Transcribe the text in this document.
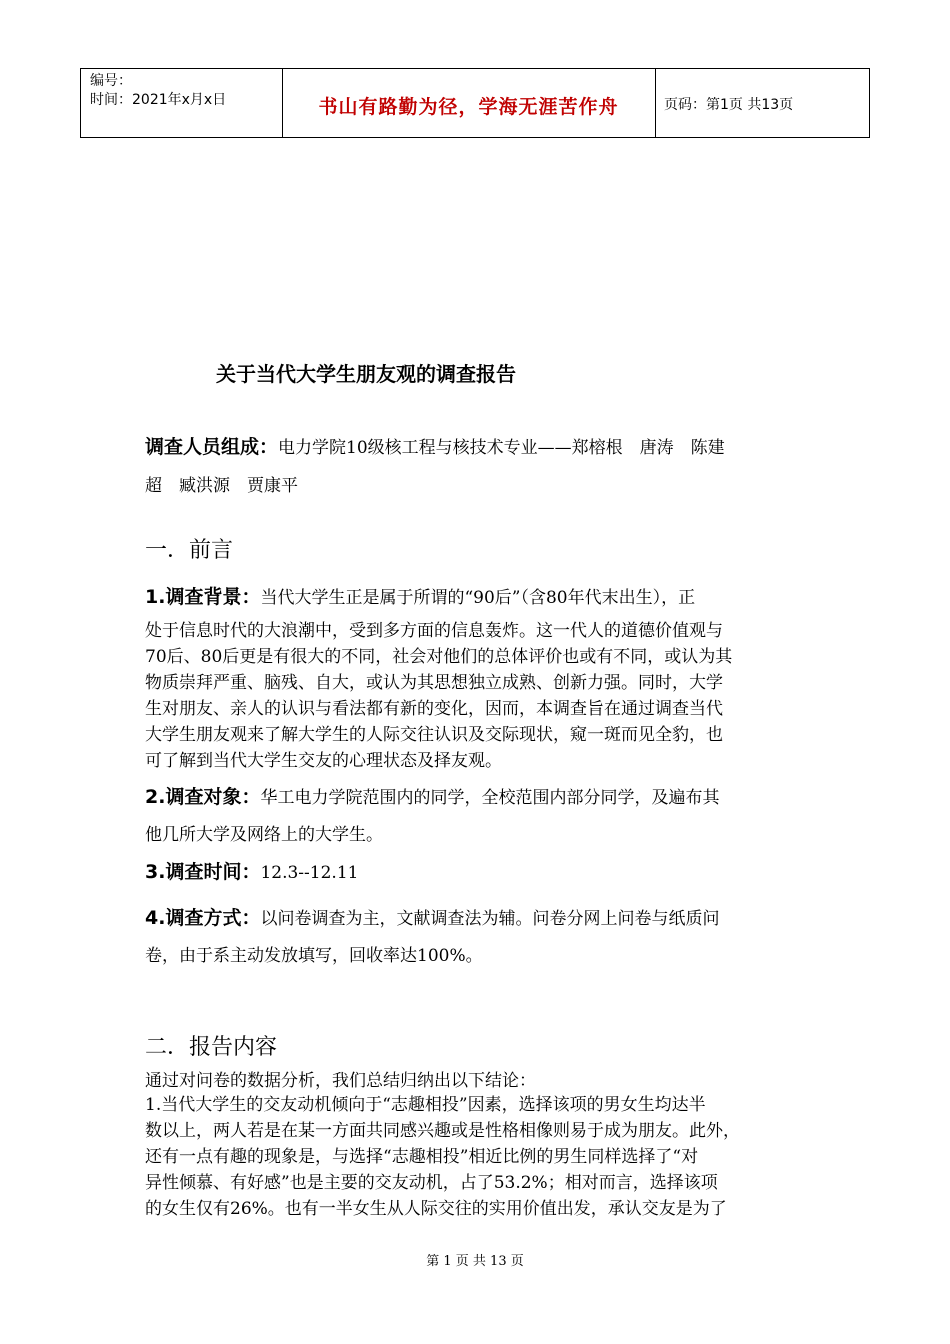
编号：
时间：2021年x月x日	书山有路勤为径，学海无涯苦作舟	页码：第1页 共13页
关于当代大学生朋友观的调查报告
调查人员组成：电力学院10级核工程与核技术专业——郑榕根　唐涛　陈建
超　臧洪源　贾康平
一．前言
1.调查背景：当代大学生正是属于所谓的“90后”（含80年代末出生），正
处于信息时代的大浪潮中，受到多方面的信息轰炸。这一代人的道德价值观与
70后、80后更是有很大的不同，社会对他们的总体评价也或有不同，或认为其
物质崇拜严重、脑残、自大，或认为其思想独立成熟、创新力强。同时，大学
生对朋友、亲人的认识与看法都有新的变化，因而，本调查旨在通过调查当代
大学生朋友观来了解大学生的人际交往认识及交际现状，窥一斑而见全豹，也
可了解到当代大学生交友的心理状态及择友观。
2.调查对象：华工电力学院范围内的同学，全校范围内部分同学，及遍布其
他几所大学及网络上的大学生。
3.调查时间：12.3--12.11
4.调查方式：以问卷调查为主，文献调查法为辅。问卷分网上问卷与纸质问
卷，由于系主动发放填写，回收率达100%。
二．报告内容
通过对问卷的数据分析，我们总结归纳出以下结论：
1.当代大学生的交友动机倾向于“志趣相投”因素，选择该项的男女生均达半
数以上，两人若是在某一方面共同感兴趣或是性格相像则易于成为朋友。此外，
还有一点有趣的现象是，与选择“志趣相投”相近比例的男生同样选择了“对
异性倾慕、有好感”也是主要的交友动机，占了53.2%；相对而言，选择该项
的女生仅有26%。也有一半女生从人际交往的实用价值出发，承认交友是为了
第 1 页 共 13 页
